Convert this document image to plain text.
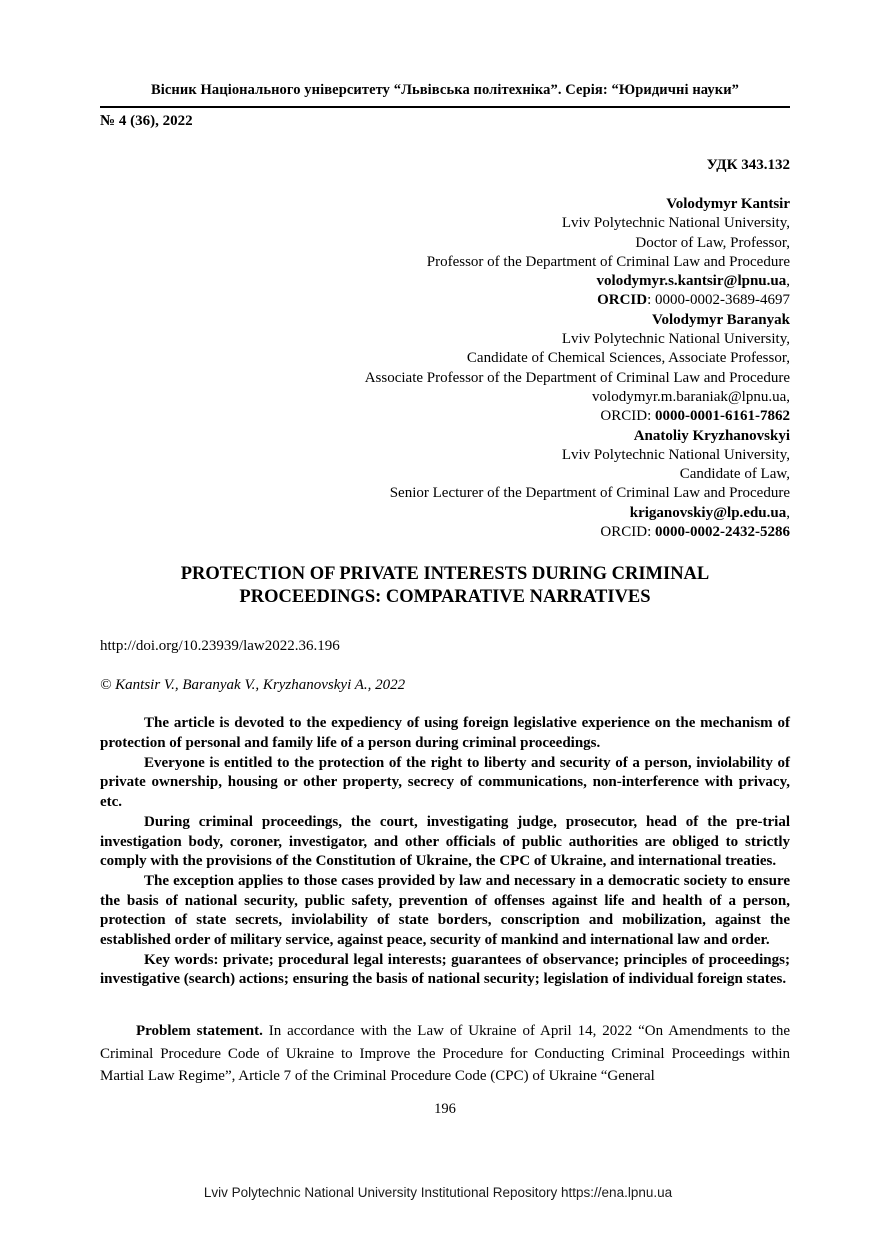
Вісник Національного університету “Львівська політехніка”. Серія: “Юридичні науки”
№ 4 (36), 2022
УДК 343.132
Volodymyr Kantsir
Lviv Polytechnic National University,
Doctor of Law, Professor,
Professor of the Department of Criminal Law and Procedure
volodymyr.s.kantsir@lpnu.ua,
ORCID: 0000-0002-3689-4697
Volodymyr Baranyak
Lviv Polytechnic National University,
Candidate of Chemical Sciences, Associate Professor,
Associate Professor of the Department of Criminal Law and Procedure
volodymyr.m.baraniak@lpnu.ua,
ORCID: 0000-0001-6161-7862
Anatoliy Kryzhanovskyi
Lviv Polytechnic National University,
Candidate of Law,
Senior Lecturer of the Department of Criminal Law and Procedure
kriganovskiy@lp.edu.ua,
ORCID: 0000-0002-2432-5286
PROTECTION OF PRIVATE INTERESTS DURING CRIMINAL PROCEEDINGS: COMPARATIVE NARRATIVES
http://doi.org/10.23939/law2022.36.196
© Kantsir V., Baranyak V., Kryzhanovskyi A., 2022

The article is devoted to the expediency of using foreign legislative experience on the mechanism of protection of personal and family life of a person during criminal proceedings.

Everyone is entitled to the protection of the right to liberty and security of a person, inviolability of private ownership, housing or other property, secrecy of communications, non-interference with privacy, etc.

During criminal proceedings, the court, investigating judge, prosecutor, head of the pre-trial investigation body, coroner, investigator, and other officials of public authorities are obliged to strictly comply with the provisions of the Constitution of Ukraine, the CPC of Ukraine, and international treaties.

The exception applies to those cases provided by law and necessary in a democratic society to ensure the basis of national security, public safety, prevention of offenses against life and health of a person, protection of state secrets, inviolability of state borders, conscription and mobilization, against the established order of military service, against peace, security of mankind and international law and order.

Key words: private; procedural legal interests; guarantees of observance; principles of proceedings; investigative (search) actions; ensuring the basis of national security; legislation of individual foreign states.

Problem statement. In accordance with the Law of Ukraine of April 14, 2022 “On Amendments to the Criminal Procedure Code of Ukraine to Improve the Procedure for Conducting Criminal Proceedings within Martial Law Regime”, Article 7 of the Criminal Procedure Code (CPC) of Ukraine “General

196
Lviv Polytechnic National University Institutional Repository https://ena.lpnu.ua
